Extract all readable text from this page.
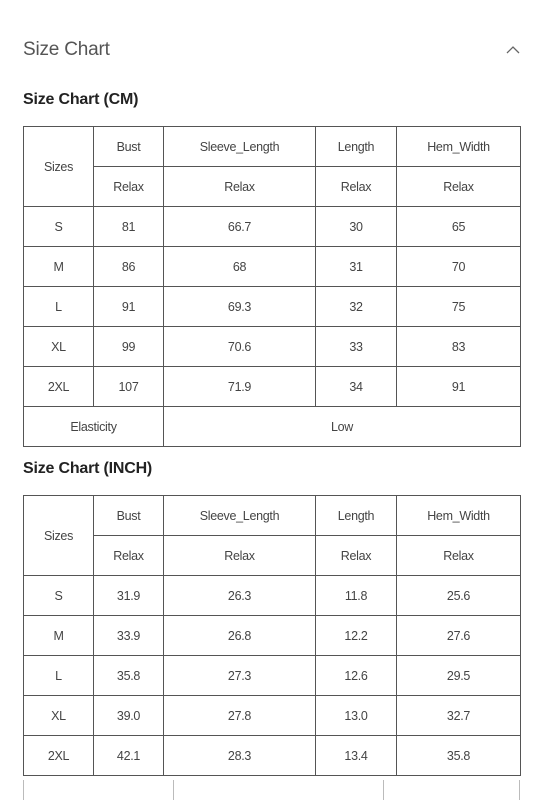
Size Chart
Size Chart (CM)
Sizes	Bust	Sleeve_Length	Length	Hem_Width
	Relax	Relax	Relax	Relax
S	81	66.7	30	65
M	86	68	31	70
L	91	69.3	32	75
XL	99	70.6	33	83
2XL	107	71.9	34	91
Elasticity		Low		
Size Chart (INCH)
Sizes	Bust	Sleeve_Length	Length	Hem_Width
	Relax	Relax	Relax	Relax
S	31.9	26.3	11.8	25.6
M	33.9	26.8	12.2	27.6
L	35.8	27.3	12.6	29.5
XL	39.0	27.8	13.0	32.7
2XL	42.1	28.3	13.4	35.8
